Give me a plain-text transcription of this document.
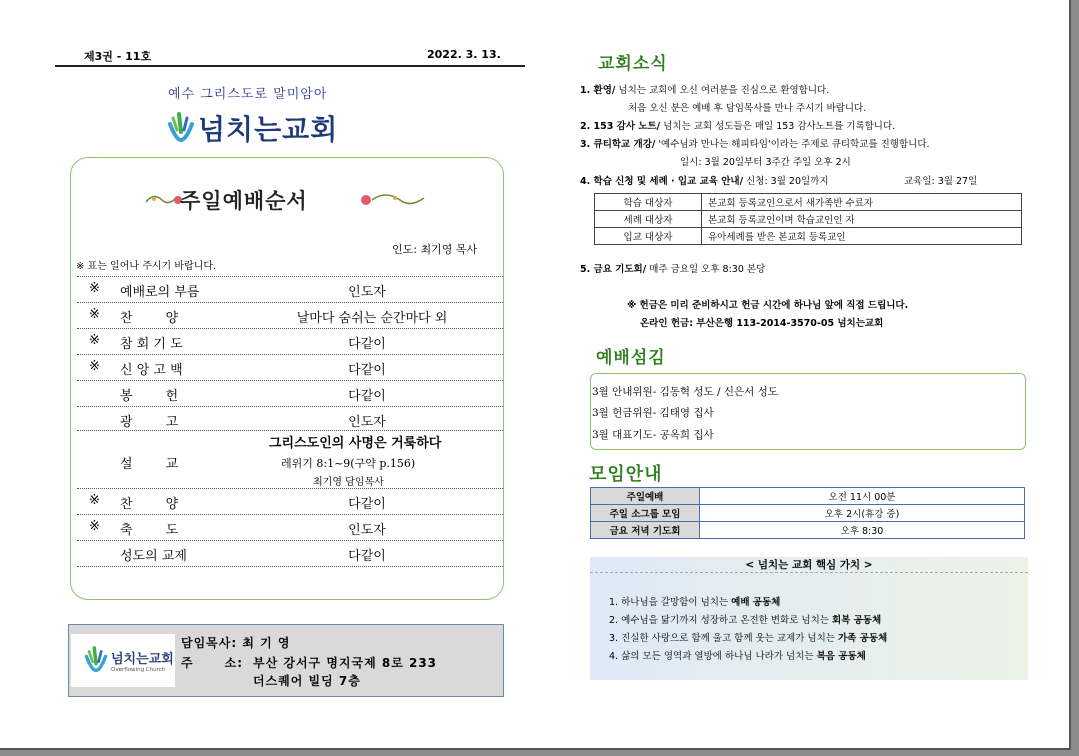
제3권 - 11호	2022. 3. 13.
예수 그리스도로 말미암아
넘치는교회
주일예배순서
인도: 최기영 목사
※ 표는 일어나 주시기 바랍니다.
※ 예배로의 부름	인도자
※ 찬        양	날마다 숨쉬는 순간마다 외
※ 참 회 기 도	다같이
※ 신 앙 고 백	다같이
봉        헌	다같이
광        고	인도자
설        교
그리스도인의 사명은 거룩하다
레위기 8:1~9(구약 p.156)
최기영 담임목사
※ 찬        양	다같이
※ 축        도	인도자
성도의 교제	다같이
넘치는교회
Overflowing Church
담임목사: 최 기 영
주      소: 부산 강서구 명지국제 8로 233
더스퀘어 빌딩 7층
교회소식
1. 환영/ 넘치는 교회에 오신 여러분을 진심으로 환영합니다.
처음 오신 분은 예배 후 담임목사를 만나 주시기 바랍니다.
2. 153 감사 노트/ 넘치는 교회 성도들은 매일 153 감사노트를 기록합니다.
3. 큐티학교 개강/ '예수님과 만나는 해피타임'이라는 주제로 큐티학교를 진행합니다.
일시: 3월 20일부터 3주간 주일 오후 2시
4. 학습 신청 및 세례 · 입교 교육 안내/ 신청: 3월 20일까지	교육일: 3월 27일
학습 대상자	본교회 등록교인으로서 새가족반 수료자
세례 대상자	본교회 등록교인이며 학습교인인 자
입교 대상자	유아세례를 받은 본교회 등록교인
5. 금요 기도회/ 매주 금요일 오후 8:30 본당
※ 헌금은 미리 준비하시고 헌금 시간에 하나님 앞에 직접 드립니다.
온라인 헌금: 부산은행 113-2014-3570-05 넘치는교회
예배섬김
3월 안내위원- 김동혁 성도 / 신은서 성도
3월 헌금위원- 김태영 집사
3월 대표기도- 공옥희 집사
모임안내
주일예배	오전 11시 00분
주일 소그룹 모임	오후 2시(휴강 중)
금요 저녁 기도회	오후 8:30
< 넘치는 교회 핵심 가치 >
1. 하나님을 갈망함이 넘치는 예배 공동체
2. 예수님을 닮기까지 성장하고 온전한 변화로 넘치는 회복 공동체
3. 진실한 사랑으로 함께 울고 함께 웃는 교제가 넘치는 가족 공동체
4. 삶의 모든 영역과 열방에 하나님 나라가 넘치는 복음 공동체
